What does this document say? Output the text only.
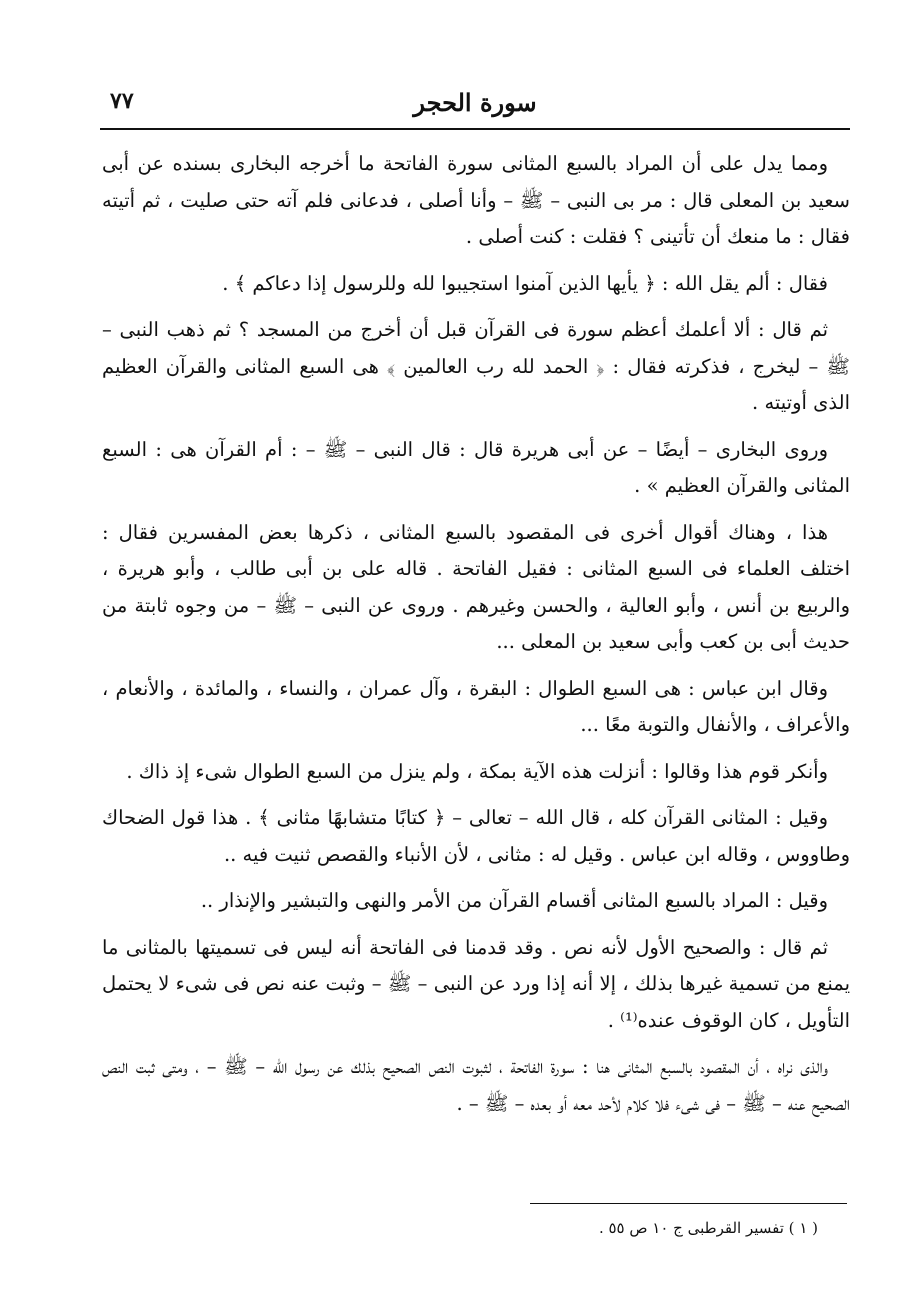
٧٧	سورة الحجر

ومما يدل على أن المراد بالسبع المثانى سورة الفاتحة ما أخرجه البخارى بسنده عن أبى سعيد بن المعلى قال : مر بى النبى – ﷺ – وأنا أصلى ، فدعانى فلم آته حتى صليت ، ثم أتيته فقال : ما منعك أن تأتينى ؟ فقلت : كنت أصلى .

فقال : ألم يقل الله : ﴿ يأيها الذين آمنوا استجيبوا لله وللرسول إذا دعاكم ﴾ .

ثم قال : ألا أعلمك أعظم سورة فى القرآن قبل أن أخرج من المسجد ؟ ثم ذهب النبى – ﷺ – ليخرج ، فذكرته فقال : ﴿ الحمد لله رب العالمين ﴾ هى السبع المثانى والقرآن العظيم الذى أوتيته .

وروى البخارى – أيضًا – عن أبى هريرة قال : قال النبى – ﷺ – : أم القرآن هى : السبع المثانى والقرآن العظيم » .

هذا ، وهناك أقوال أخرى فى المقصود بالسبع المثانى ، ذكرها بعض المفسرين فقال : اختلف العلماء فى السبع المثانى : فقيل الفاتحة . قاله على بن أبى طالب ، وأبو هريرة ، والربيع بن أنس ، وأبو العالية ، والحسن وغيرهم . وروى عن النبى – ﷺ – من وجوه ثابتة من حديث أبى بن كعب وأبى سعيد بن المعلى ...

وقال ابن عباس : هى السبع الطوال : البقرة ، وآل عمران ، والنساء ، والمائدة ، والأنعام ، والأعراف ، والأنفال والتوبة معًا ...

وأنكر قوم هذا وقالوا : أنزلت هذه الآية بمكة ، ولم ينزل من السبع الطوال شىء إذ ذاك .

وقيل : المثانى القرآن كله ، قال الله – تعالى – ﴿ كتابًا متشابهًا مثانى ﴾ . هذا قول الضحاك وطاووس ، وقاله ابن عباس . وقيل له : مثانى ، لأن الأنباء والقصص ثنيت فيه ..

وقيل : المراد بالسبع المثانى أقسام القرآن من الأمر والنهى والتبشير والإنذار ..

ثم قال : والصحيح الأول لأنه نص . وقد قدمنا فى الفاتحة أنه ليس فى تسميتها بالمثانى ما يمنع من تسمية غيرها بذلك ، إلا أنه إذا ورد عن النبى – ﷺ – وثبت عنه نص فى شىء لا يحتمل التأويل ، كان الوقوف عنده⁽¹⁾ .

والذى نراه ، أن المقصود بالسبع المثانى هنا : سورة الفاتحة ، لثبوت النص الصحيح بذلك عن رسول الله – ﷺ – ، ومتى ثبت النص الصحيح عنه – ﷺ – فى شىء فلا كلام لأحد معه أو بعده – ﷺ – .

( ١ ) تفسير القرطبى ج ١٠ ص ٥٥ .
